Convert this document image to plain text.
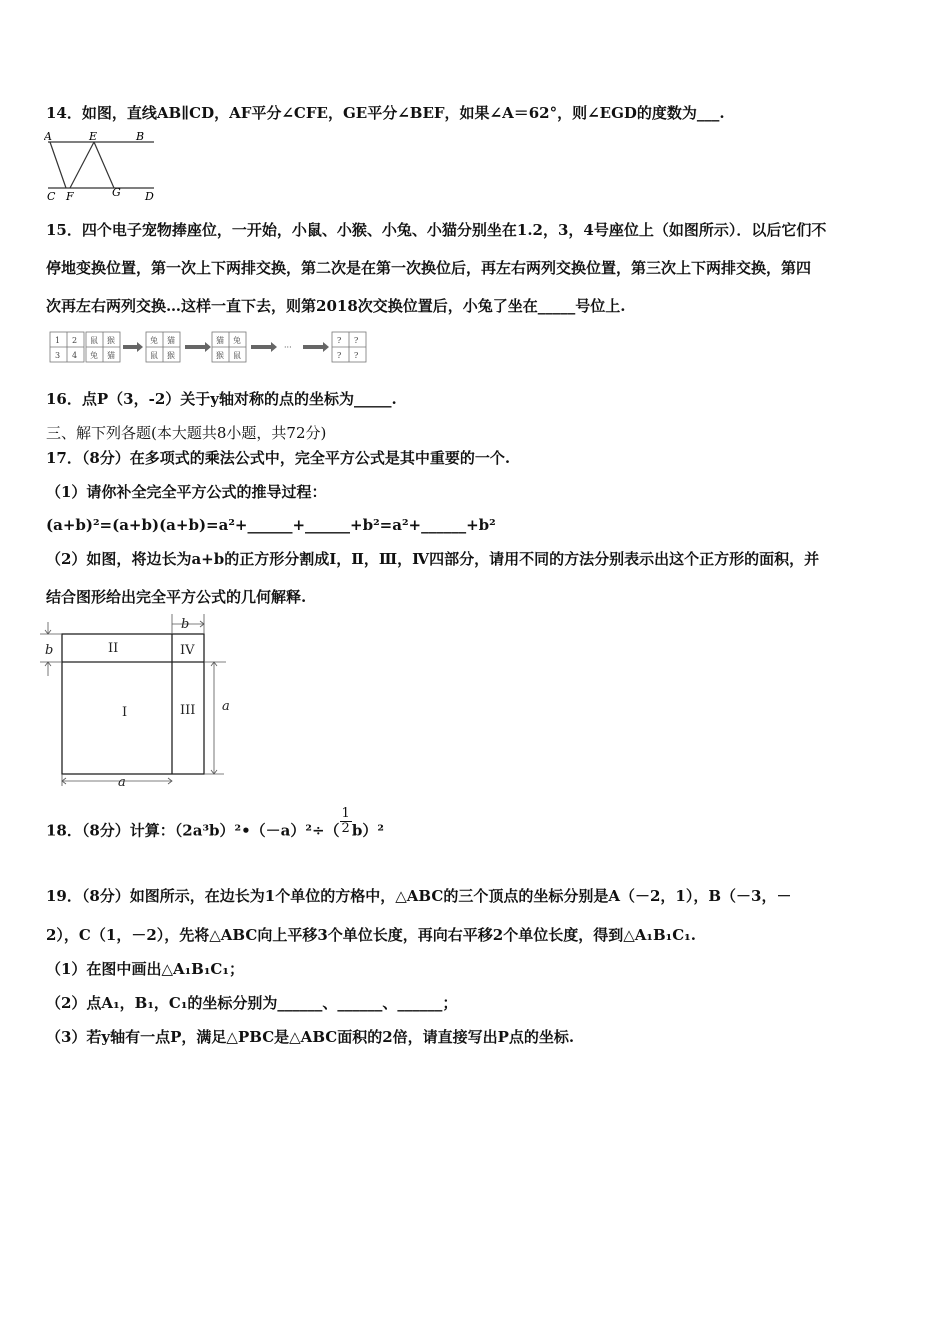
14．如图，直线AB∥CD，AF平分∠CFE，GE平分∠BEF，如果∠A＝62°，则∠EGD的度数为___.
A	E	B
C F	G D
15．四个电子宠物捧座位，一开始，小鼠、小猴、小兔、小猫分别坐在1.2，3，4号座位上（如图所示）．以后它们不
停地变换位置，第一次上下两排交换，第二次是在第一次换位后，再左右两列交换位置，第三次上下两排交换，第四
次再左右两列交换…这样一直下去，则第2018次交换位置后，小兔了坐在_____号位上.
1 2
3 4
鼠 猴
兔 猫
兔 猫
鼠 猴
猫 兔
猴 鼠
···
? ?
? ?
16．点P（3，-2）关于y轴对称的点的坐标为_____.
三、解下列各题(本大题共8小题，共72分)
17．（8分）在多项式的乘法公式中，完全平方公式是其中重要的一个.
（1）请你补全完全平方公式的推导过程：
(a+b)²=(a+b)(a+b)=a²+______+______+b²=a²+______+b²
（2）如图，将边长为a+b的正方形分割成Ⅰ，Ⅱ，Ⅲ，Ⅳ四部分，请用不同的方法分别表示出这个正方形的面积，并
结合图形给出完全平方公式的几何解释.
b
b
a
a
II	IV
I	III
18．（8分）计算：（2a³b）²•（－a）²÷（ $\frac{1}{2} b)^2$
19．（8分）如图所示，在边长为1个单位的方格中，△ABC的三个顶点的坐标分别是A（－2，1），B（－3，－
2），C（1，－2），先将△ABC向上平移3个单位长度，再向右平移2个单位长度，得到△A₁B₁C₁.
（1）在图中画出△A₁B₁C₁；
（2）点A₁，B₁，C₁的坐标分别为______、______、______；
（3）若y轴有一点P，满足△PBC是△ABC面积的2倍，请直接写出P点的坐标.
